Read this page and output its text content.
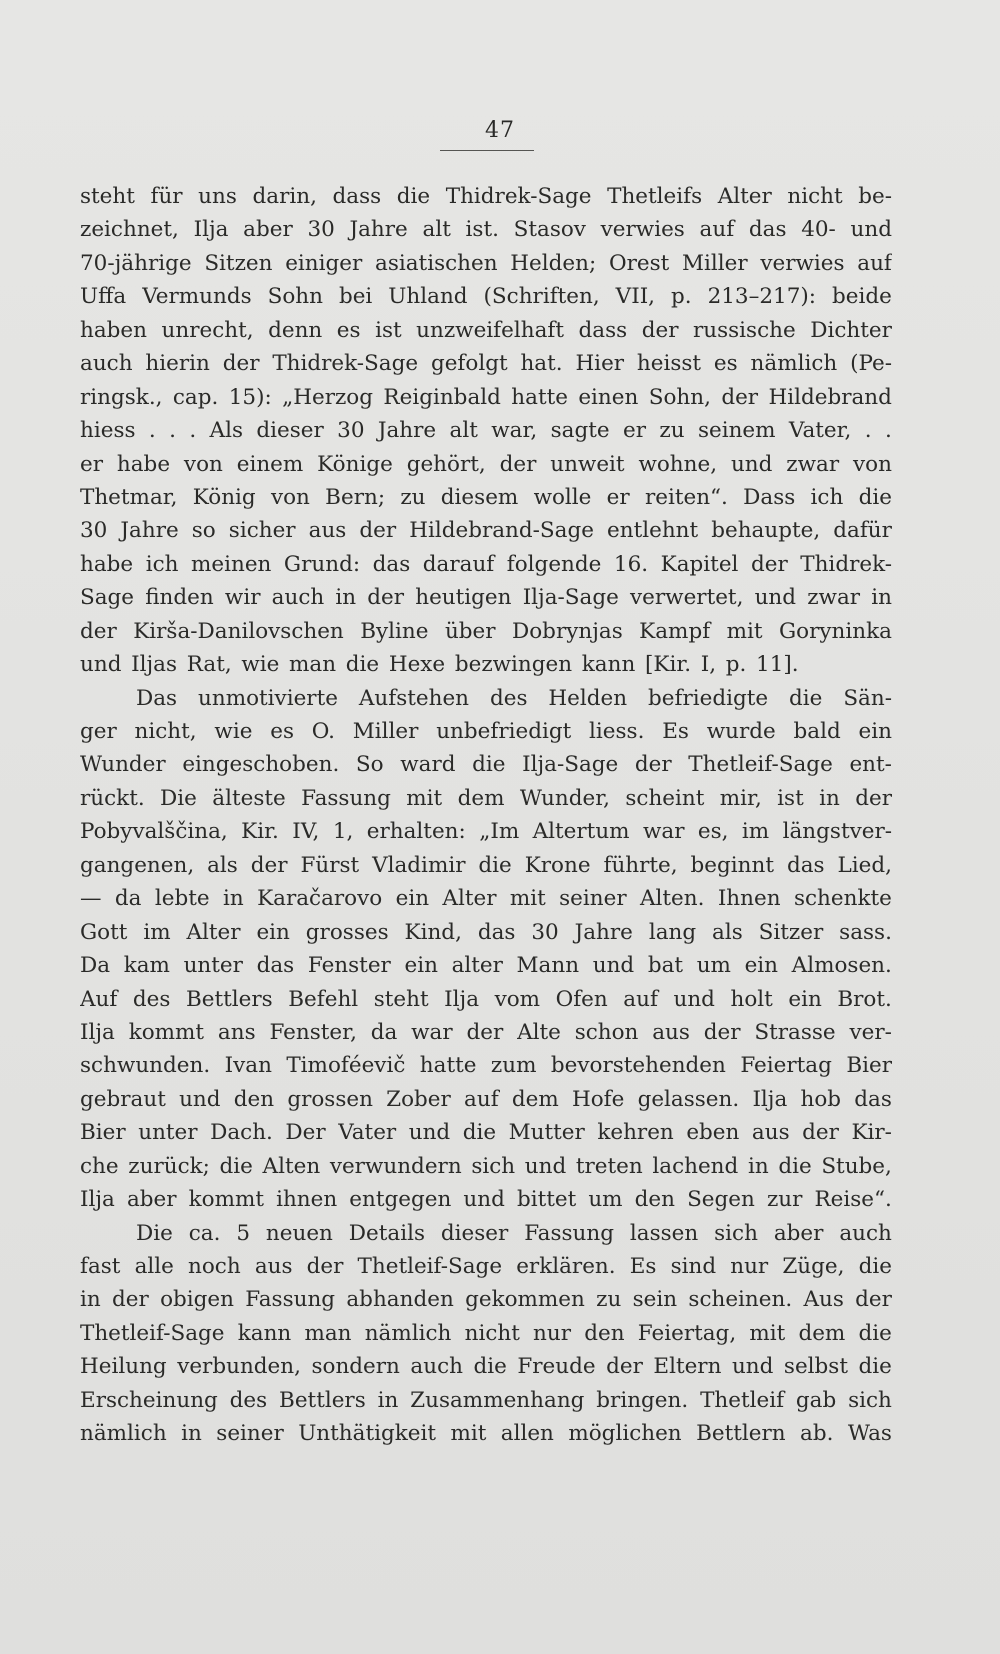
47
steht für uns darin, dass die Thidrek-Sage Thetleifs Alter nicht be-
zeichnet, Ilja aber 30 Jahre alt ist. Stasov verwies auf das 40- und
70-jährige Sitzen einiger asiatischen Helden; Orest Miller verwies auf
Uffa Vermunds Sohn bei Uhland (Schriften, VII, p. 213–217): beide
haben unrecht, denn es ist unzweifelhaft dass der russische Dichter
auch hierin der Thidrek-Sage gefolgt hat. Hier heisst es nämlich (Pe-
ringsk., cap. 15): „Herzog Reiginbald hatte einen Sohn, der Hildebrand
hiess . . . Als dieser 30 Jahre alt war, sagte er zu seinem Vater, . .
er habe von einem Könige gehört, der unweit wohne, und zwar von
Thetmar, König von Bern; zu diesem wolle er reiten“. Dass ich die
30 Jahre so sicher aus der Hildebrand-Sage entlehnt behaupte, dafür
habe ich meinen Grund: das darauf folgende 16. Kapitel der Thidrek-
Sage finden wir auch in der heutigen Ilja-Sage verwertet, und zwar in
der Kirša-Danilovschen Byline über Dobrynjas Kampf mit Goryninka
und Iljas Rat, wie man die Hexe bezwingen kann [Kir. I, p. 11].
Das unmotivierte Aufstehen des Helden befriedigte die Sän-
ger nicht, wie es O. Miller unbefriedigt liess. Es wurde bald ein
Wunder eingeschoben. So ward die Ilja-Sage der Thetleif-Sage ent-
rückt. Die älteste Fassung mit dem Wunder, scheint mir, ist in der
Pobyvalščina, Kir. IV, 1, erhalten: „Im Altertum war es, im längstver-
gangenen, als der Fürst Vladimir die Krone führte, beginnt das Lied,
— da lebte in Karačarovo ein Alter mit seiner Alten. Ihnen schenkte
Gott im Alter ein grosses Kind, das 30 Jahre lang als Sitzer sass.
Da kam unter das Fenster ein alter Mann und bat um ein Almosen.
Auf des Bettlers Befehl steht Ilja vom Ofen auf und holt ein Brot.
Ilja kommt ans Fenster, da war der Alte schon aus der Strasse ver-
schwunden. Ivan Timoféevič hatte zum bevorstehenden Feiertag Bier
gebraut und den grossen Zober auf dem Hofe gelassen. Ilja hob das
Bier unter Dach. Der Vater und die Mutter kehren eben aus der Kir-
che zurück; die Alten verwundern sich und treten lachend in die Stube,
Ilja aber kommt ihnen entgegen und bittet um den Segen zur Reise“.
Die ca. 5 neuen Details dieser Fassung lassen sich aber auch
fast alle noch aus der Thetleif-Sage erklären. Es sind nur Züge, die
in der obigen Fassung abhanden gekommen zu sein scheinen. Aus der
Thetleif-Sage kann man nämlich nicht nur den Feiertag, mit dem die
Heilung verbunden, sondern auch die Freude der Eltern und selbst die
Erscheinung des Bettlers in Zusammenhang bringen. Thetleif gab sich
nämlich in seiner Unthätigkeit mit allen möglichen Bettlern ab. Was
